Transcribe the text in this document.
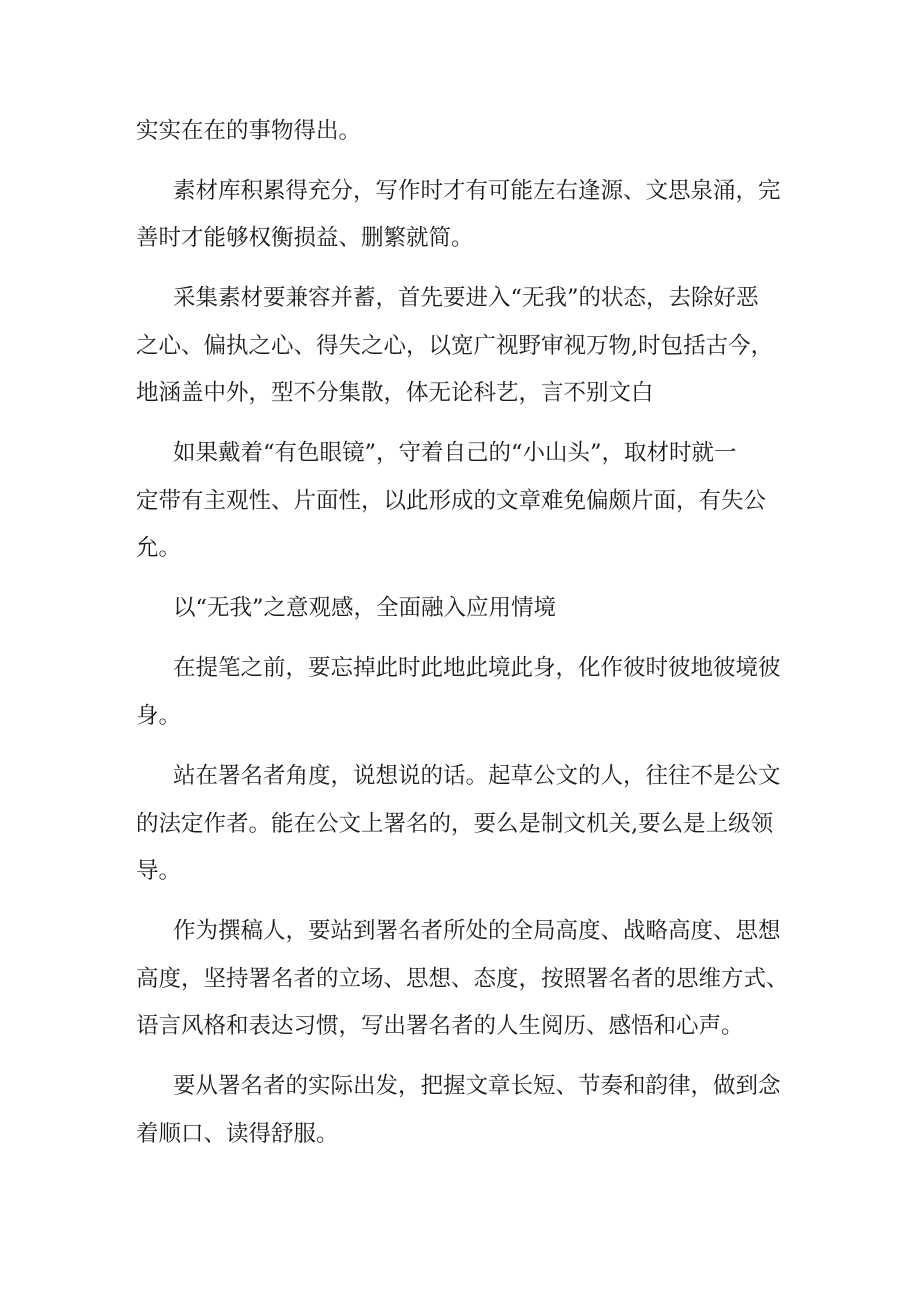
实实在在的事物得出。

素材库积累得充分，写作时才有可能左右逢源、文思泉涌，完

善时才能够权衡损益、删繁就简。

采集素材要兼容并蓄，首先要进入“无我”的状态，去除好恶

之心、偏执之心、得失之心，以宽广视野审视万物,时包括古今，

地涵盖中外，型不分集散，体无论科艺，言不别文白

如果戴着“有色眼镜”，守着自己的“小山头”，取材时就一

定带有主观性、片面性，以此形成的文章难免偏颇片面，有失公

允。

以“无我”之意观感，全面融入应用情境

在提笔之前，要忘掉此时此地此境此身，化作彼时彼地彼境彼

身。

站在署名者角度，说想说的话。起草公文的人，往往不是公文

的法定作者。能在公文上署名的，要么是制文机关,要么是上级领

导。

作为撰稿人，要站到署名者所处的全局高度、战略高度、思想

高度，坚持署名者的立场、思想、态度，按照署名者的思维方式、

语言风格和表达习惯，写出署名者的人生阅历、感悟和心声。

要从署名者的实际出发，把握文章长短、节奏和韵律，做到念

着顺口、读得舒服。
